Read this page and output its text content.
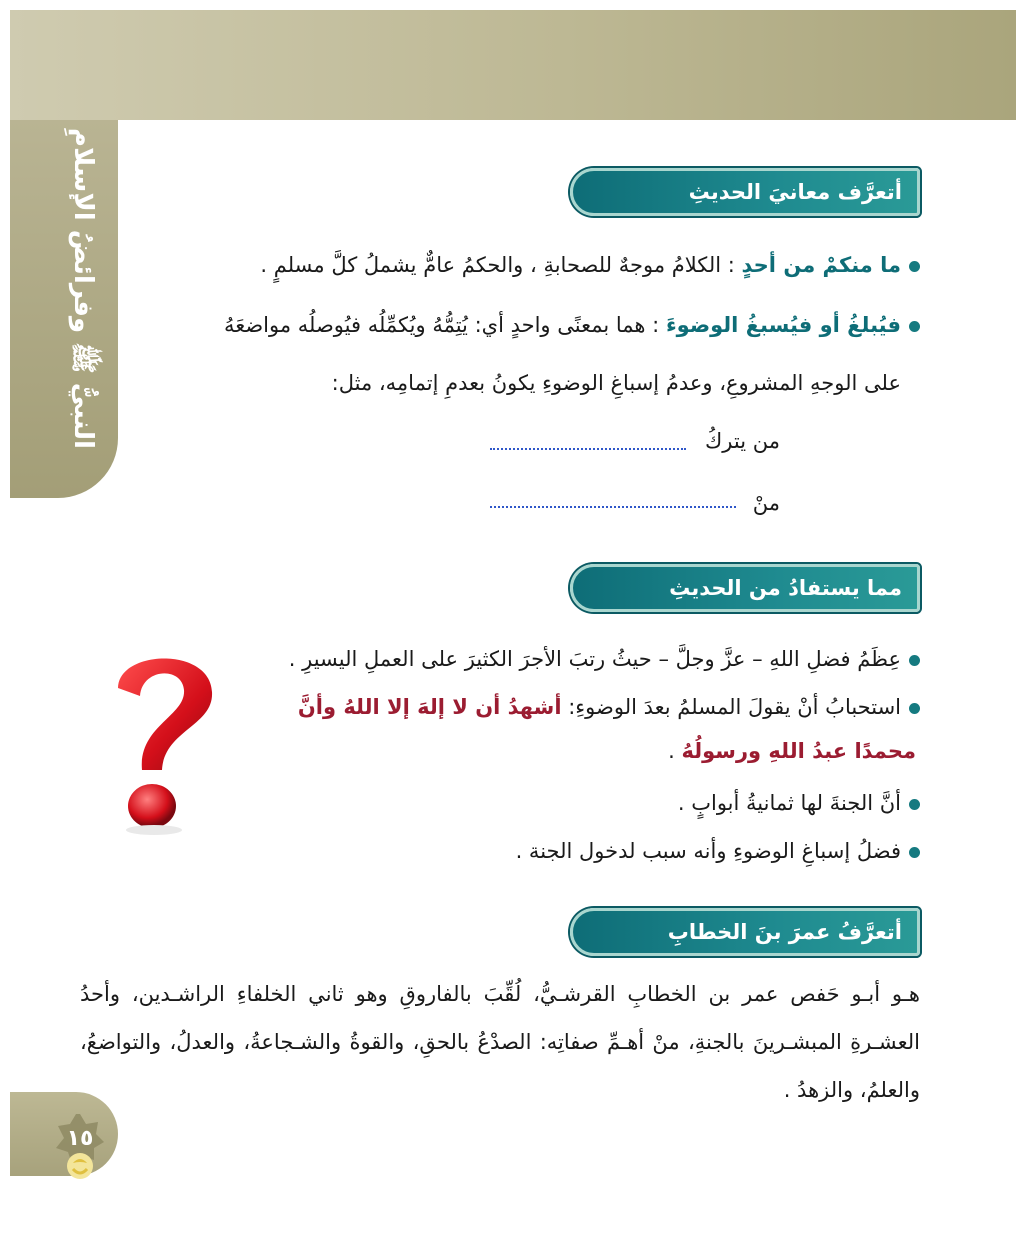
النبيُّ ﷺ وفرائضُ الإسلامِ	أتعرَّف معانيَ الحديثِ
ما منكمْ من أحدٍ : الكلامُ موجهٌ للصحابةِ ، والحكمُ عامٌّ يشملُ كلَّ مسلمٍ .
فيُبلغُ أو فيُسبغُ الوضوءَ : هما بمعنًى واحدٍ أي: يُتِمُّهُ ويُكمِّلُه فيُوصلُه مواضعَهُ
على الوجهِ المشروعِ، وعدمُ إسباغِ الوضوءِ يكونُ بعدمِ إتمامِه، مثل:
من يتركُ
منْ
مما يستفادُ من الحديثِ
عِظَمُ فضلِ اللهِ – عزَّ وجلَّ – حيثُ رتبَ الأجرَ الكثيرَ على العملِ اليسيرِ .
استحبابُ أنْ يقولَ المسلمُ بعدَ الوضوءِ: أشهدُ أن لا إلهَ إلا اللهُ وأنَّ
محمدًا عبدُ اللهِ ورسولُهُ .
أنَّ الجنةَ لها ثمانيةُ أبوابٍ .
فضلُ إسباغِ الوضوءِ وأنه سبب لدخول الجنة .
أتعرَّفُ عمرَ بنَ الخطابِ
هـو أبـو حَفص عمر بن الخطابِ القرشـيُّ، لُقِّبَ بالفاروقِ وهو ثاني الخلفاءِ الراشـدين، وأحدُ العشـرةِ المبشـرينَ بالجنةِ، منْ أهـمِّ صفاتِه: الصدْعُ بالحقِ، والقوةُ والشـجاعةُ، والعدلُ، والتواضعُ، والعلمُ، والزهدُ .
١٥
